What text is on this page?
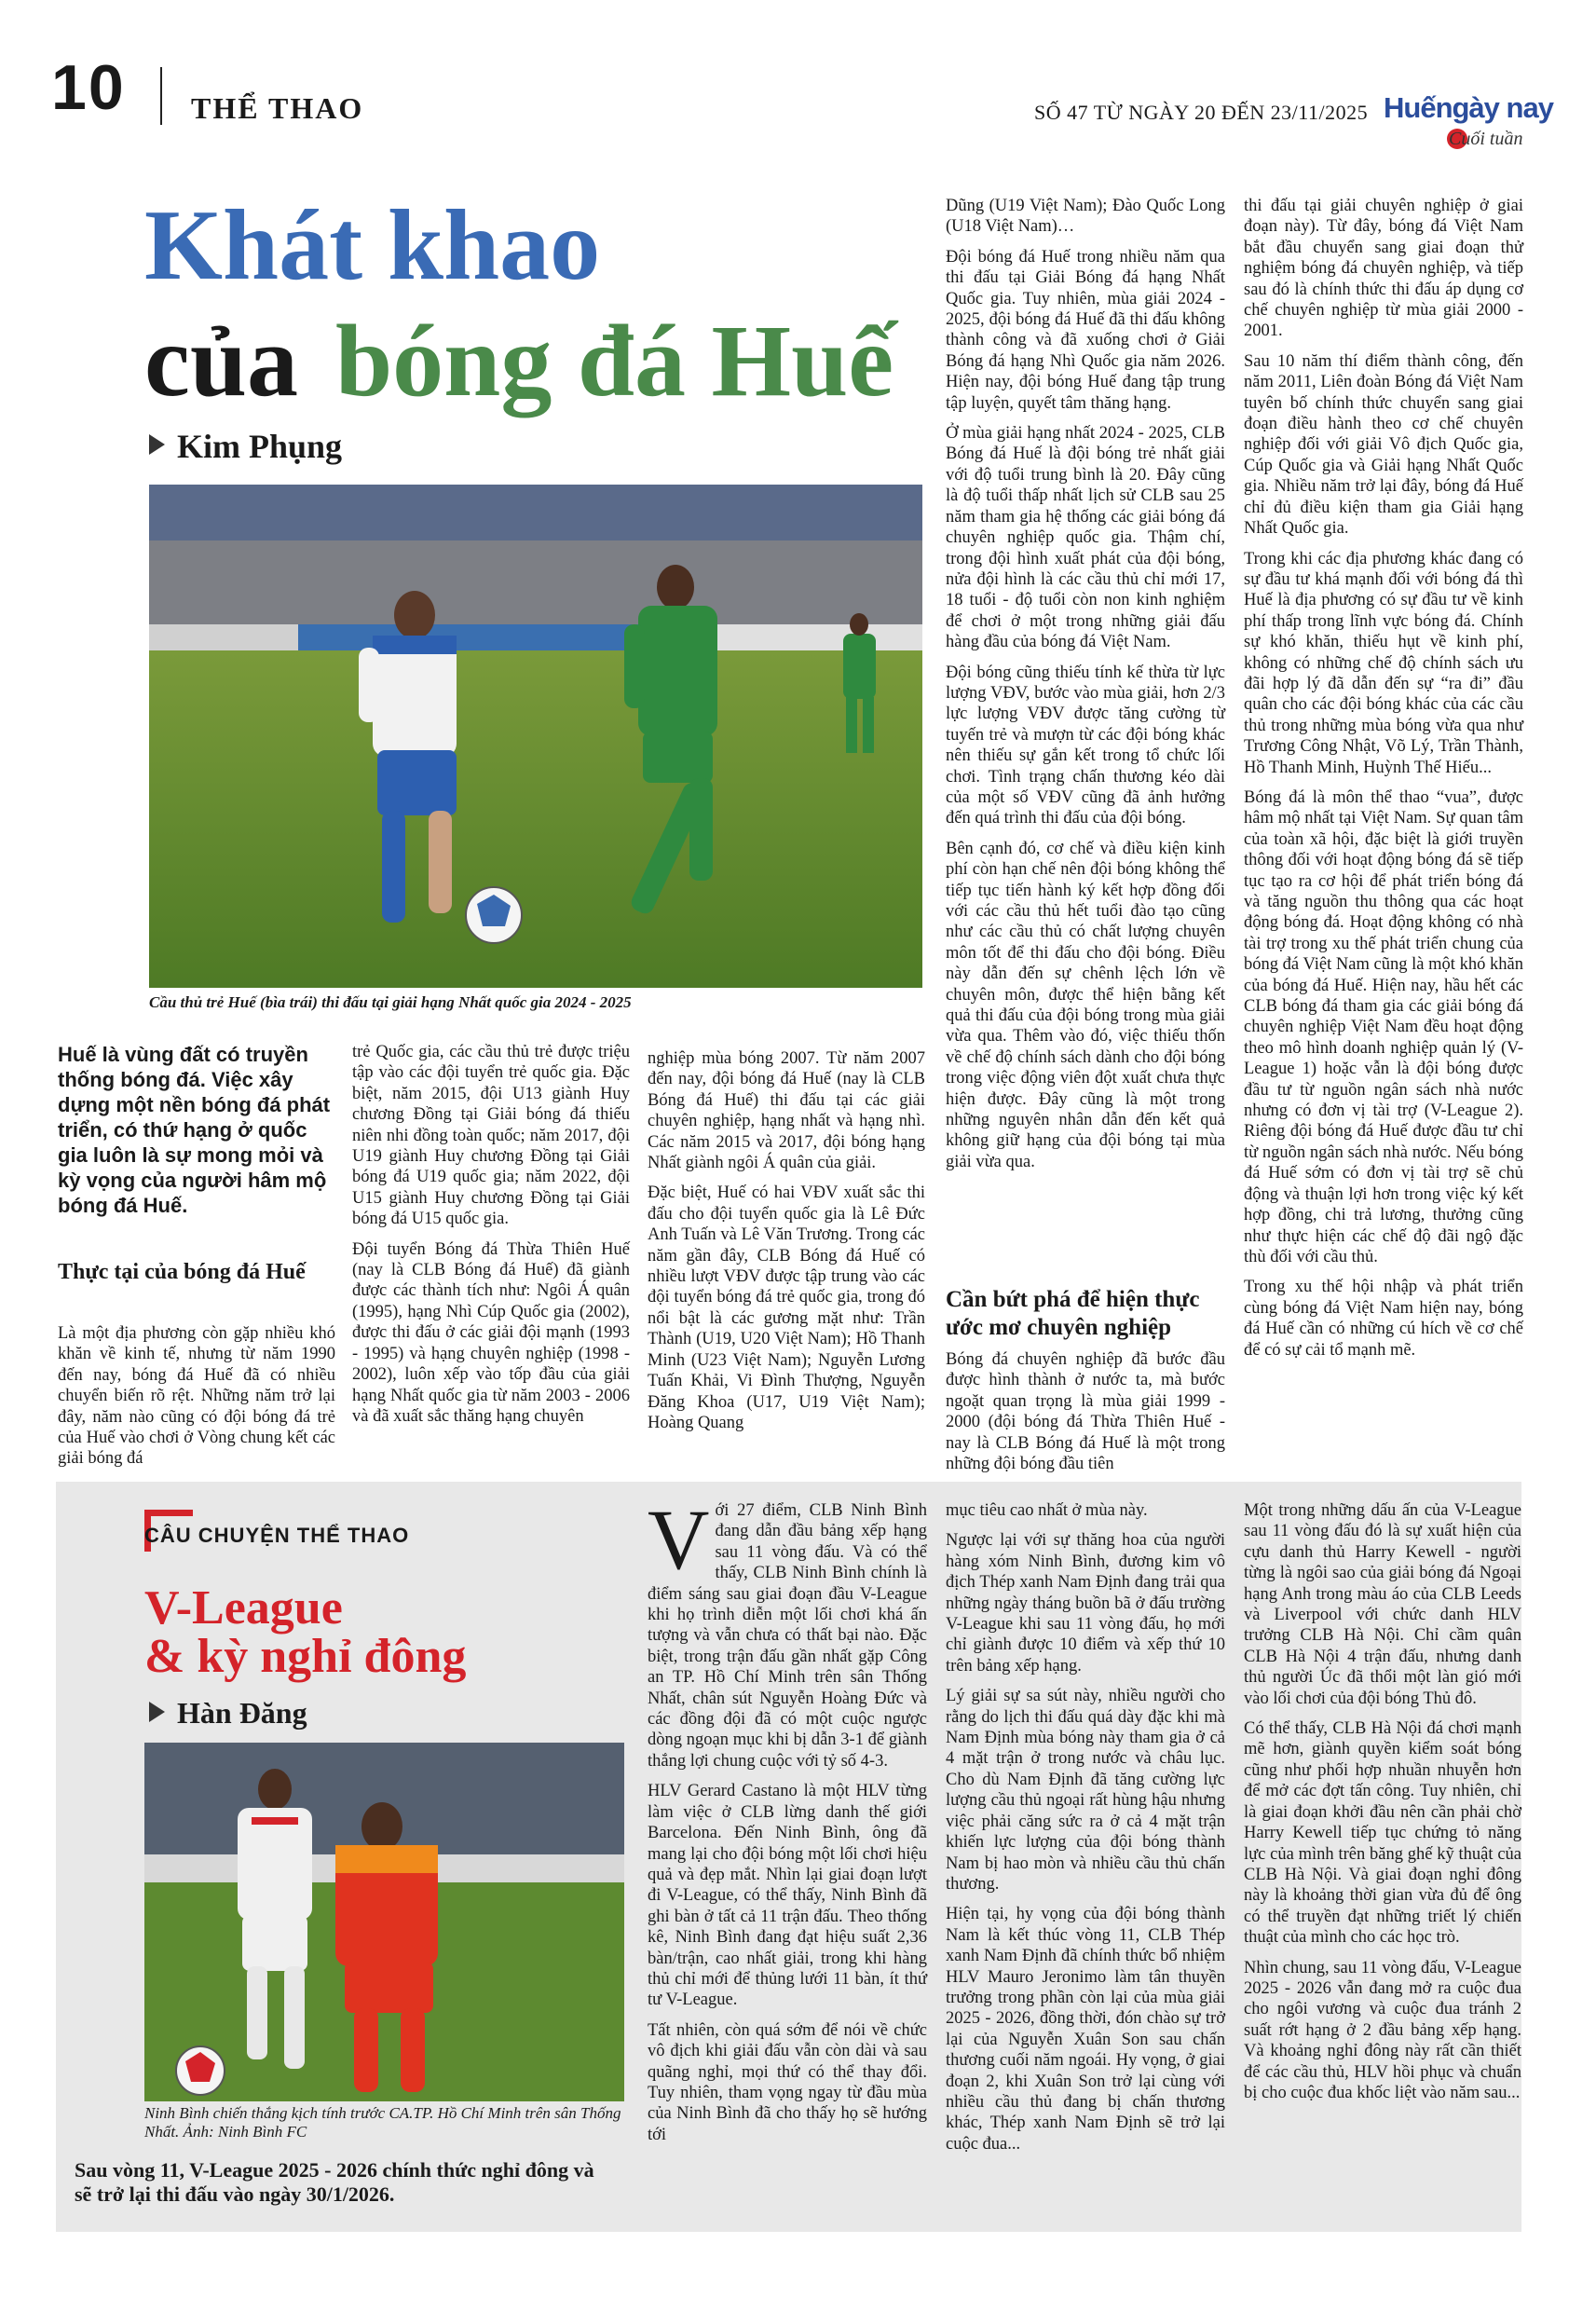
10 THỂ THAO	SỐ 47 TỪ NGÀY 20 ĐẾN 23/11/2025 Huếngày nay
Cuối tuần
Khát khao
của bóng đá Huế
Kim Phụng
Cầu thủ trẻ Huế (bìa trái) thi đấu tại giải hạng Nhất quốc gia 2024 - 2025
Huế là vùng đất có truyền thống bóng đá. Việc xây dựng một nền bóng đá phát triển, có thứ hạng ở quốc gia luôn là sự mong mỏi và kỳ vọng của người hâm mộ bóng đá Huế.
Thực tại của bóng đá Huế

Là một địa phương còn gặp nhiều khó khăn về kinh tế, nhưng từ năm 1990 đến nay, bóng đá Huế đã có nhiều chuyển biến rõ rệt. Những năm trở lại đây, năm nào cũng có đội bóng đá trẻ của Huế vào chơi ở Vòng chung kết các giải bóng đá

trẻ Quốc gia, các cầu thủ trẻ được triệu tập vào các đội tuyển trẻ quốc gia. Đặc biệt, năm 2015, đội U13 giành Huy chương Đồng tại Giải bóng đá thiếu niên nhi đồng toàn quốc; năm 2017, đội U19 giành Huy chương Đồng tại Giải bóng đá U19 quốc gia; năm 2022, đội U15 giành Huy chương Đồng tại Giải bóng đá U15 quốc gia.

Đội tuyển Bóng đá Thừa Thiên Huế (nay là CLB Bóng đá Huế) đã giành được các thành tích như: Ngôi Á quân (1995), hạng Nhì Cúp Quốc gia (2002), được thi đấu ở các giải đội mạnh (1993 - 1995) và hạng chuyên nghiệp (1998 - 2002), luôn xếp vào tốp đầu của giải hạng Nhất quốc gia từ năm 2003 - 2006 và đã xuất sắc thăng hạng chuyên

nghiệp mùa bóng 2007. Từ năm 2007 đến nay, đội bóng đá Huế (nay là CLB Bóng đá Huế) thi đấu tại các giải chuyên nghiệp, hạng nhất và hạng nhì. Các năm 2015 và 2017, đội bóng hạng Nhất giành ngôi Á quân của giải.

Đặc biệt, Huế có hai VĐV xuất sắc thi đấu cho đội tuyển quốc gia là Lê Đức Anh Tuấn và Lê Văn Trương. Trong các năm gần đây, CLB Bóng đá Huế có nhiều lượt VĐV được tập trung vào các đội tuyển bóng đá trẻ quốc gia, trong đó nổi bật là các gương mặt như: Trần Thành (U19, U20 Việt Nam); Hồ Thanh Minh (U23 Việt Nam); Nguyễn Lương Tuấn Khải, Vi Đình Thượng, Nguyễn Đăng Khoa (U17, U19 Việt Nam); Hoàng Quang

Dũng (U19 Việt Nam); Đào Quốc Long (U18 Việt Nam)…

Đội bóng đá Huế trong nhiều năm qua thi đấu tại Giải Bóng đá hạng Nhất Quốc gia. Tuy nhiên, mùa giải 2024 - 2025, đội bóng đá Huế đã thi đấu không thành công và đã xuống chơi ở Giải Bóng đá hạng Nhì Quốc gia năm 2026. Hiện nay, đội bóng Huế đang tập trung tập luyện, quyết tâm thăng hạng.

Ở mùa giải hạng nhất 2024 - 2025, CLB Bóng đá Huế là đội bóng trẻ nhất giải với độ tuổi trung bình là 20. Đây cũng là độ tuổi thấp nhất lịch sử CLB sau 25 năm tham gia hệ thống các giải bóng đá chuyên nghiệp quốc gia. Thậm chí, trong đội hình xuất phát của đội bóng, nửa đội hình là các cầu thủ chỉ mới 17, 18 tuổi - độ tuổi còn non kinh nghiệm để chơi ở một trong những giải đấu hàng đầu của bóng đá Việt Nam.

Đội bóng cũng thiếu tính kế thừa từ lực lượng VĐV, bước vào mùa giải, hơn 2/3 lực lượng VĐV được tăng cường từ tuyến trẻ và mượn từ các đội bóng khác nên thiếu sự gắn kết trong tổ chức lối chơi. Tình trạng chấn thương kéo dài của một số VĐV cũng đã ảnh hưởng đến quá trình thi đấu của đội bóng.

Bên cạnh đó, cơ chế và điều kiện kinh phí còn hạn chế nên đội bóng không thể tiếp tục tiến hành ký kết hợp đồng đối với các cầu thủ hết tuổi đào tạo cũng như các cầu thủ có chất lượng chuyên môn tốt để thi đấu cho đội bóng. Điều này dẫn đến sự chênh lệch lớn về chuyên môn, được thể hiện bằng kết quả thi đấu của đội bóng trong mùa giải vừa qua. Thêm vào đó, việc thiếu thốn về chế độ chính sách dành cho đội bóng trong việc động viên đột xuất chưa thực hiện được. Đây cũng là một trong những nguyên nhân dẫn đến kết quả không giữ hạng của đội bóng tại mùa giải vừa qua.

Cần bứt phá để hiện thực ước mơ chuyên nghiệp

Bóng đá chuyên nghiệp đã bước đầu được hình thành ở nước ta, mà bước ngoặt quan trọng là mùa giải 1999 - 2000 (đội bóng đá Thừa Thiên Huế - nay là CLB Bóng đá Huế là một trong những đội bóng đầu tiên

thi đấu tại giải chuyên nghiệp ở giai đoạn này). Từ đây, bóng đá Việt Nam bắt đầu chuyển sang giai đoạn thử nghiệm bóng đá chuyên nghiệp, và tiếp sau đó là chính thức thi đấu áp dụng cơ chế chuyên nghiệp từ mùa giải 2000 - 2001.

Sau 10 năm thí điểm thành công, đến năm 2011, Liên đoàn Bóng đá Việt Nam tuyên bố chính thức chuyển sang giai đoạn điều hành theo cơ chế chuyên nghiệp đối với giải Vô địch Quốc gia, Cúp Quốc gia và Giải hạng Nhất Quốc gia. Nhiều năm trở lại đây, bóng đá Huế chỉ đủ điều kiện tham gia Giải hạng Nhất Quốc gia.

Trong khi các địa phương khác đang có sự đầu tư khá mạnh đối với bóng đá thì Huế là địa phương có sự đầu tư về kinh phí thấp trong lĩnh vực bóng đá. Chính sự khó khăn, thiếu hụt về kinh phí, không có những chế độ chính sách ưu đãi hợp lý đã dẫn đến sự “ra đi” đầu quân cho các đội bóng khác của các cầu thủ trong những mùa bóng vừa qua như Trương Công Nhật, Võ Lý, Trần Thành, Hồ Thanh Minh, Huỳnh Thế Hiếu...

Bóng đá là môn thể thao “vua”, được hâm mộ nhất tại Việt Nam. Sự quan tâm của toàn xã hội, đặc biệt là giới truyền thông đối với hoạt động bóng đá sẽ tiếp tục tạo ra cơ hội để phát triển bóng đá và tăng nguồn thu thông qua các hoạt động bóng đá. Hoạt động không có nhà tài trợ trong xu thế phát triển chung của bóng đá Việt Nam cũng là một khó khăn của bóng đá Huế. Hiện nay, hầu hết các CLB bóng đá tham gia các giải bóng đá chuyên nghiệp Việt Nam đều hoạt động theo mô hình doanh nghiệp quản lý (V-League 1) hoặc vẫn là đội bóng được đầu tư từ nguồn ngân sách nhà nước nhưng có đơn vị tài trợ (V-League 2). Riêng đội bóng đá Huế được đầu tư chỉ từ nguồn ngân sách nhà nước. Nếu bóng đá Huế sớm có đơn vị tài trợ sẽ chủ động và thuận lợi hơn trong việc ký kết hợp đồng, chi trả lương, thưởng cũng như thực hiện các chế độ đãi ngộ đặc thù đối với cầu thủ.

Trong xu thế hội nhập và phát triển cùng bóng đá Việt Nam hiện nay, bóng đá Huế cần có những cú hích về cơ chế để có sự cải tổ mạnh mẽ.

CÂU CHUYỆN THỂ THAO
V-League
& kỳ nghỉ đông
Hàn Đăng
Ninh Bình chiến thắng kịch tính trước CA.TP. Hồ Chí Minh trên sân Thống Nhất. Ảnh: Ninh Bình FC
Sau vòng 11, V-League 2025 - 2026 chính thức nghỉ đông và sẽ trở lại thi đấu vào ngày 30/1/2026.

Với 27 điểm, CLB Ninh Bình đang dẫn đầu bảng xếp hạng sau 11 vòng đấu. Và có thể thấy, CLB Ninh Bình chính là điểm sáng sau giai đoạn đầu V-League khi họ trình diễn một lối chơi khá ấn tượng và vẫn chưa có thất bại nào. Đặc biệt, trong trận đấu gần nhất gặp Công an TP. Hồ Chí Minh trên sân Thống Nhất, chân sút Nguyễn Hoàng Đức và các đồng đội đã có một cuộc ngược dòng ngoạn mục khi bị dẫn 3-1 để giành thắng lợi chung cuộc với tỷ số 4-3.

HLV Gerard Castano là một HLV từng làm việc ở CLB lừng danh thế giới Barcelona. Đến Ninh Bình, ông đã mang lại cho đội bóng một lối chơi hiệu quả và đẹp mắt. Nhìn lại giai đoạn lượt đi V-League, có thể thấy, Ninh Bình đã ghi bàn ở tất cả 11 trận đấu. Theo thống kê, Ninh Bình đang đạt hiệu suất 2,36 bàn/trận, cao nhất giải, trong khi hàng thủ chỉ mới để thủng lưới 11 bàn, ít thứ tư V-League.

Tất nhiên, còn quá sớm để nói về chức vô địch khi giải đấu vẫn còn dài và sau quãng nghỉ, mọi thứ có thể thay đổi. Tuy nhiên, tham vọng ngay từ đầu mùa của Ninh Bình đã cho thấy họ sẽ hướng tới

mục tiêu cao nhất ở mùa này.

Ngược lại với sự thăng hoa của người hàng xóm Ninh Bình, đương kim vô địch Thép xanh Nam Định đang trải qua những ngày tháng buồn bã ở đấu trường V-League khi sau 11 vòng đấu, họ mới chỉ giành được 10 điểm và xếp thứ 10 trên bảng xếp hạng.

Lý giải sự sa sút này, nhiều người cho rằng do lịch thi đấu quá dày đặc khi mà Nam Định mùa bóng này tham gia ở cả 4 mặt trận ở trong nước và châu lục. Cho dù Nam Định đã tăng cường lực lượng cầu thủ ngoại rất hùng hậu nhưng việc phải căng sức ra ở cả 4 mặt trận khiến lực lượng của đội bóng thành Nam bị hao mòn và nhiều cầu thủ chấn thương.

Hiện tại, hy vọng của đội bóng thành Nam là kết thúc vòng 11, CLB Thép xanh Nam Định đã chính thức bổ nhiệm HLV Mauro Jeronimo làm tân thuyền trưởng trong phần còn lại của mùa giải 2025 - 2026, đồng thời, đón chào sự trở lại của Nguyễn Xuân Son sau chấn thương cuối năm ngoái. Hy vọng, ở giai đoạn 2, khi Xuân Son trở lại cùng với nhiều cầu thủ đang bị chấn thương khác, Thép xanh Nam Định sẽ trở lại cuộc đua...

Một trong những dấu ấn của V-League sau 11 vòng đấu đó là sự xuất hiện của cựu danh thủ Harry Kewell - người từng là ngôi sao của giải bóng đá Ngoại hạng Anh trong màu áo của CLB Leeds và Liverpool với chức danh HLV trưởng CLB Hà Nội. Chỉ cầm quân CLB Hà Nội 4 trận đấu, nhưng danh thủ người Úc đã thổi một làn gió mới vào lối chơi của đội bóng Thủ đô.

Có thể thấy, CLB Hà Nội đá chơi mạnh mẽ hơn, giành quyền kiểm soát bóng cũng như phối hợp nhuần nhuyễn hơn để mở các đợt tấn công. Tuy nhiên, chỉ là giai đoạn khởi đầu nên cần phải chờ Harry Kewell tiếp tục chứng tỏ năng lực của mình trên băng ghế kỹ thuật của CLB Hà Nội. Và giai đoạn nghỉ đông này là khoảng thời gian vừa đủ để ông có thể truyền đạt những triết lý chiến thuật của mình cho các học trò.

Nhìn chung, sau 11 vòng đấu, V-League 2025 - 2026 vẫn đang mở ra cuộc đua cho ngôi vương và cuộc đua tránh 2 suất rớt hạng ở 2 đầu bảng xếp hạng. Và khoảng nghỉ đông này rất cần thiết để các cầu thủ, HLV hồi phục và chuẩn bị cho cuộc đua khốc liệt vào năm sau...
